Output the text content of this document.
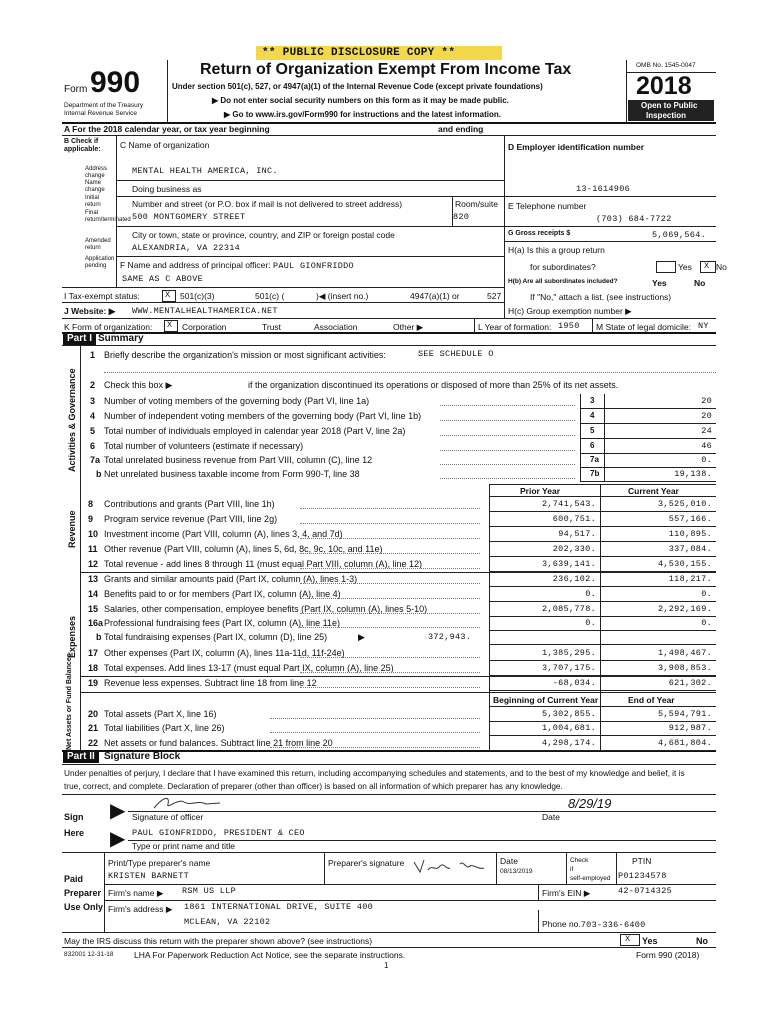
** PUBLIC DISCLOSURE COPY **
Form 990
Department of the Treasury
Internal Revenue Service
Return of Organization Exempt From Income Tax
Under section 501(c), 527, or 4947(a)(1) of the Internal Revenue Code (except private foundations)
▶ Do not enter social security numbers on this form as it may be made public.
▶ Go to www.irs.gov/Form990 for instructions and the latest information.
OMB No. 1545-0047
2018
Open to Public
Inspection
A For the 2018 calendar year, or tax year beginning	and ending
B Check if applicable:
Address change
Name change
Initial return
Final return/terminated
Amended return
Application pending
C Name of organization
MENTAL HEALTH AMERICA, INC.
Doing business as
Number and street (or P.O. box if mail is not delivered to street address)	Room/suite
500 MONTGOMERY STREET	820
City or town, state or province, country, and ZIP or foreign postal code
ALEXANDRIA, VA 22314
F Name and address of principal officer: PAUL GIONFRIDDO
SAME AS C ABOVE
D Employer identification number
13-1614906
E Telephone number
(703) 684-7722
G Gross receipts $	5,069,564.
H(a) Is this a group return
for subordinates?	Yes X No
H(b) Are all subordinates included?	Yes	No
If "No," attach a list. (see instructions)
H(c) Group exemption number ▶
I Tax-exempt status:	X 501(c)(3)	501(c) (	)◀ (insert no.)	4947(a)(1) or	527
J Website: ▶ WWW.MENTALHEALTHAMERICA.NET
K Form of organization: X Corporation	Trust	Association	Other ▶	L Year of formation: 1950 M State of legal domicile: NY
Part I Summary
Activities & Governance
Revenue
Expenses
Net Assets or Fund Balances
1 Briefly describe the organization's mission or most significant activities:	SEE SCHEDULE O
2 Check this box ▶	if the organization discontinued its operations or disposed of more than 25% of its net assets.
Prior Year	Current Year
Beginning of Current Year	End of Year
Part II Signature Block
Under penalties of perjury, I declare that I have examined this return, including accompanying schedules and statements, and to the best of my knowledge and belief, it is
true, correct, and complete. Declaration of preparer (other than officer) is based on all information of which preparer has any knowledge.
Sign
Here
▶
▶
8/29/19
Signature of officer	Date
PAUL GIONFRIDDO, PRESIDENT & CEO
Type or print name and title
Paid
Preparer
Use Only
Print/Type preparer's name
KRISTEN BARNETT
Preparer's signature	Date
08/13/2019
Check
if
self-employed
PTIN
P01234578
Firm's name ▶ RSM US LLP	Firm's EIN ▶	42-0714325
Firm's address ▶ 1861 INTERNATIONAL DRIVE, SUITE 400
MCLEAN, VA 22102	Phone no.703-336-6400
May the IRS discuss this return with the preparer shown above? (see instructions)	X Yes	No
832001 12-31-18 LHA For Paperwork Reduction Act Notice, see the separate instructions.	Form 990 (2018)
1
3 Number of voting members of the governing body (Part VI, line 1a)	3	20
4 Number of independent voting members of the governing body (Part VI, line 1b)	4	20
5 Total number of individuals employed in calendar year 2018 (Part V, line 2a)	5	24
6 Total number of volunteers (estimate if necessary)	6	46
7a Total unrelated business revenue from Part VIII, column (C), line 12	7a	0.
b Net unrelated business taxable income from Form 990-T, line 38	7b	19,138.
8 Contributions and grants (Part VIII, line 1h)	2,741,543.	3,525,010.
9 Program service revenue (Part VIII, line 2g)	600,751.	557,166.
10 Investment income (Part VIII, column (A), lines 3, 4, and 7d)	94,517.	110,895.
11 Other revenue (Part VIII, column (A), lines 5, 6d, 8c, 9c, 10c, and 11e)	202,330.	337,084.
12 Total revenue - add lines 8 through 11 (must equal Part VIII, column (A), line 12)	3,639,141.	4,530,155.
13 Grants and similar amounts paid (Part IX, column (A), lines 1-3)	236,102.	118,217.
14 Benefits paid to or for members (Part IX, column (A), line 4)	0.	0.
15 Salaries, other compensation, employee benefits (Part IX, column (A), lines 5-10)	2,085,778.	2,292,169.
16a Professional fundraising fees (Part IX, column (A), line 11e)	0.	0.
b Total fundraising expenses (Part IX, column (D), line 25)	▶	372,943.
17 Other expenses (Part IX, column (A), lines 11a-11d, 11f-24e)	1,385,295.	1,498,467.
18 Total expenses. Add lines 13-17 (must equal Part IX, column (A), line 25)	3,707,175.	3,908,853.
19 Revenue less expenses. Subtract line 18 from line 12	-68,034.	621,302.
20 Total assets (Part X, line 16)	5,302,855.	5,594,791.
21 Total liabilities (Part X, line 26)	1,004,681.	912,987.
22 Net assets or fund balances. Subtract line 21 from line 20	4,298,174.	4,681,804.
